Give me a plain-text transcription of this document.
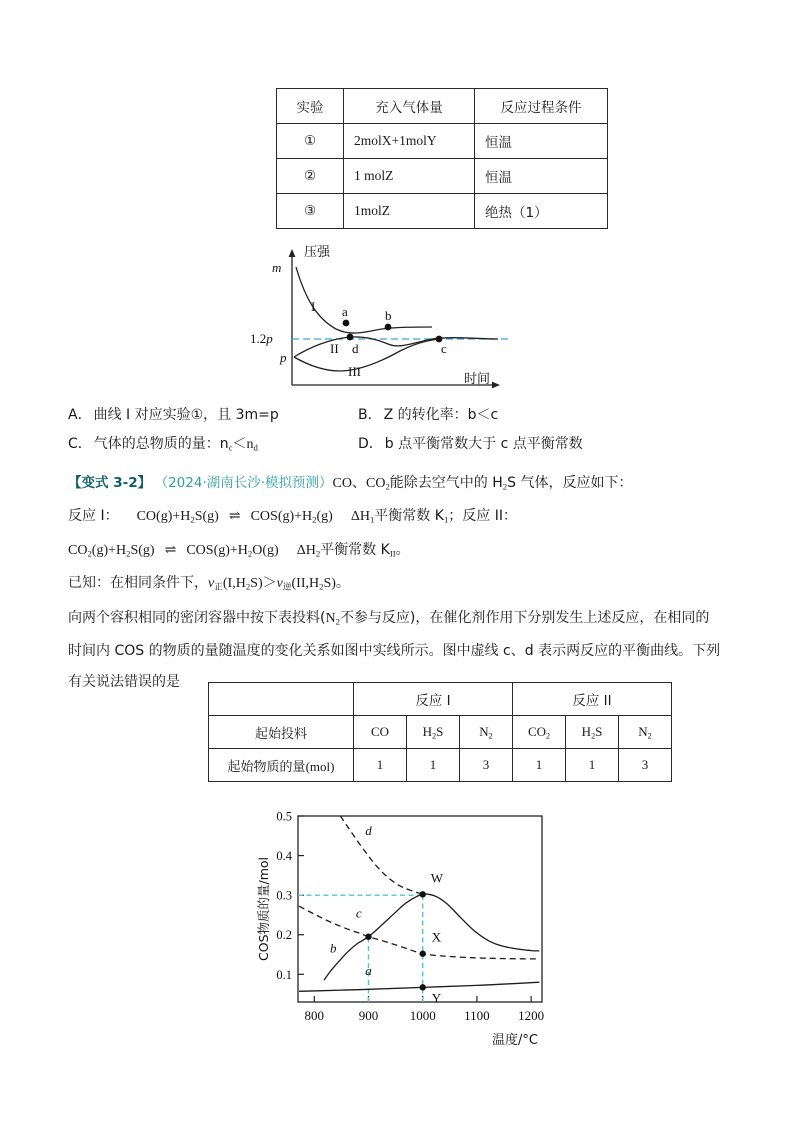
实验	充入气体量	反应过程条件
①	2molX+1molY	恒温
②	1 molZ	恒温
③	1molZ	绝热（1）
压强
时间
m
1.2p
p
I
II
III
a	b
c
d
A． 曲线 I 对应实验①，且 3m=p	B． Z 的转化率：b＜c
C． 气体的总物质的量：$n_c<n_d$	D． b 点平衡常数大于 c 点平衡常数
【变式 3-2】 （2024·湖南长沙·模拟预测）CO、$CO_2$能除去空气中的 $H_2S$ 气体，反应如下：
反应 I： $CO(g)+H_2S(g)$ ⇌ $COS(g)+H_2(g)$ $\Delta H_1$平衡常数 $K_1$；反应 II：
$CO_2(g)+H_2S(g)$ ⇌ $COS(g)+H_2O(g)$ $\Delta H_2$平衡常数 $K_{II}$。
已知：在相同条件下，$v_正(I,H_2S)>v_逆(II,H_2S)$。
向两个容积相同的密闭容器中按下表投料($N_2$不参与反应)，在催化剂作用下分别发生上述反应，在相同的
时间内 COS 的物质的量随温度的变化关系如图中实线所示。图中虚线 c、d 表示两反应的平衡曲线。下列
有关说法错误的是
	反应 I			反应 II		
起始投料	CO	$H_2S$	$N_2$	$CO_2$	$H_2S$	$N_2$
起始物质的量(mol)	1	1	3	1	1	3
0.1
0.2
0.3
0.4
0.5
800	900 1000 1100 1200
b
a
c
d
W
X
Y
COS物质的量/mol
温度/°C
